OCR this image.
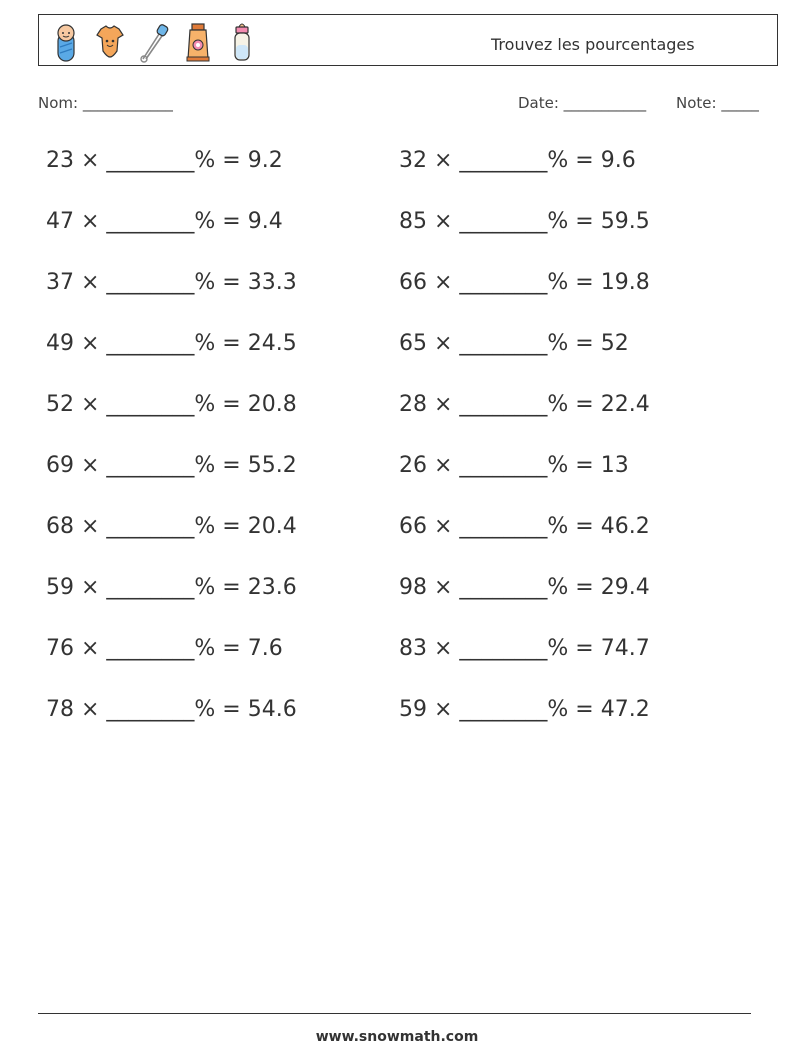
Trouvez les pourcentages
Nom: ____________	Date: ___________ Note: _____
23 × ________% = 9.2	32 × ________% = 9.6
47 × ________% = 9.4	85 × ________% = 59.5
37 × ________% = 33.3	66 × ________% = 19.8
49 × ________% = 24.5	65 × ________% = 52
52 × ________% = 20.8	28 × ________% = 22.4
69 × ________% = 55.2	26 × ________% = 13
68 × ________% = 20.4	66 × ________% = 46.2
59 × ________% = 23.6	98 × ________% = 29.4
76 × ________% = 7.6	83 × ________% = 74.7
78 × ________% = 54.6	59 × ________% = 47.2
www.snowmath.com
